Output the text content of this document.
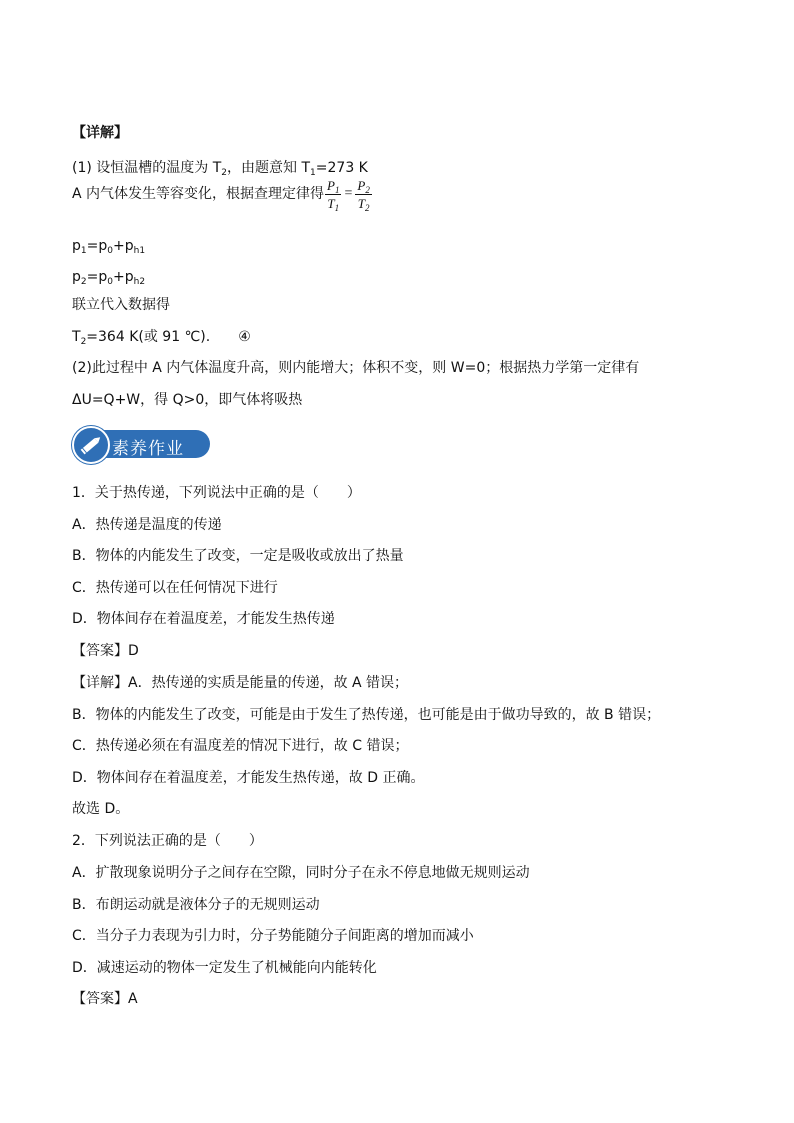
【详解】
(1) 设恒温槽的温度为 $T_2$，由题意知 $T_1=273$ K
A 内气体发生等容变化，根据查理定律得 $\frac{P_1}{T_1} = \frac{P_2}{T_2}$
$p_1=p_0+p_{h1}$
$p_2=p_0+p_{h2}$
联立代入数据得
$T_2=364$ K(或 91 ℃).　　④
(2)此过程中 A 内气体温度升高，则内能增大；体积不变，则 W=0；根据热力学第一定律有
ΔU=Q+W，得 Q>0，即气体将吸热
素养作业
1．关于热传递，下列说法中正确的是（　　）
A．热传递是温度的传递
B．物体的内能发生了改变，一定是吸收或放出了热量
C．热传递可以在任何情况下进行
D．物体间存在着温度差，才能发生热传递
【答案】D
【详解】A．热传递的实质是能量的传递，故 A 错误；
B．物体的内能发生了改变，可能是由于发生了热传递，也可能是由于做功导致的，故 B 错误；
C．热传递必须在有温度差的情况下进行，故 C 错误；
D．物体间存在着温度差，才能发生热传递，故 D 正确。
故选 D。
2．下列说法正确的是（　　）
A．扩散现象说明分子之间存在空隙，同时分子在永不停息地做无规则运动
B．布朗运动就是液体分子的无规则运动
C．当分子力表现为引力时，分子势能随分子间距离的增加而减小
D．减速运动的物体一定发生了机械能向内能转化
【答案】A
